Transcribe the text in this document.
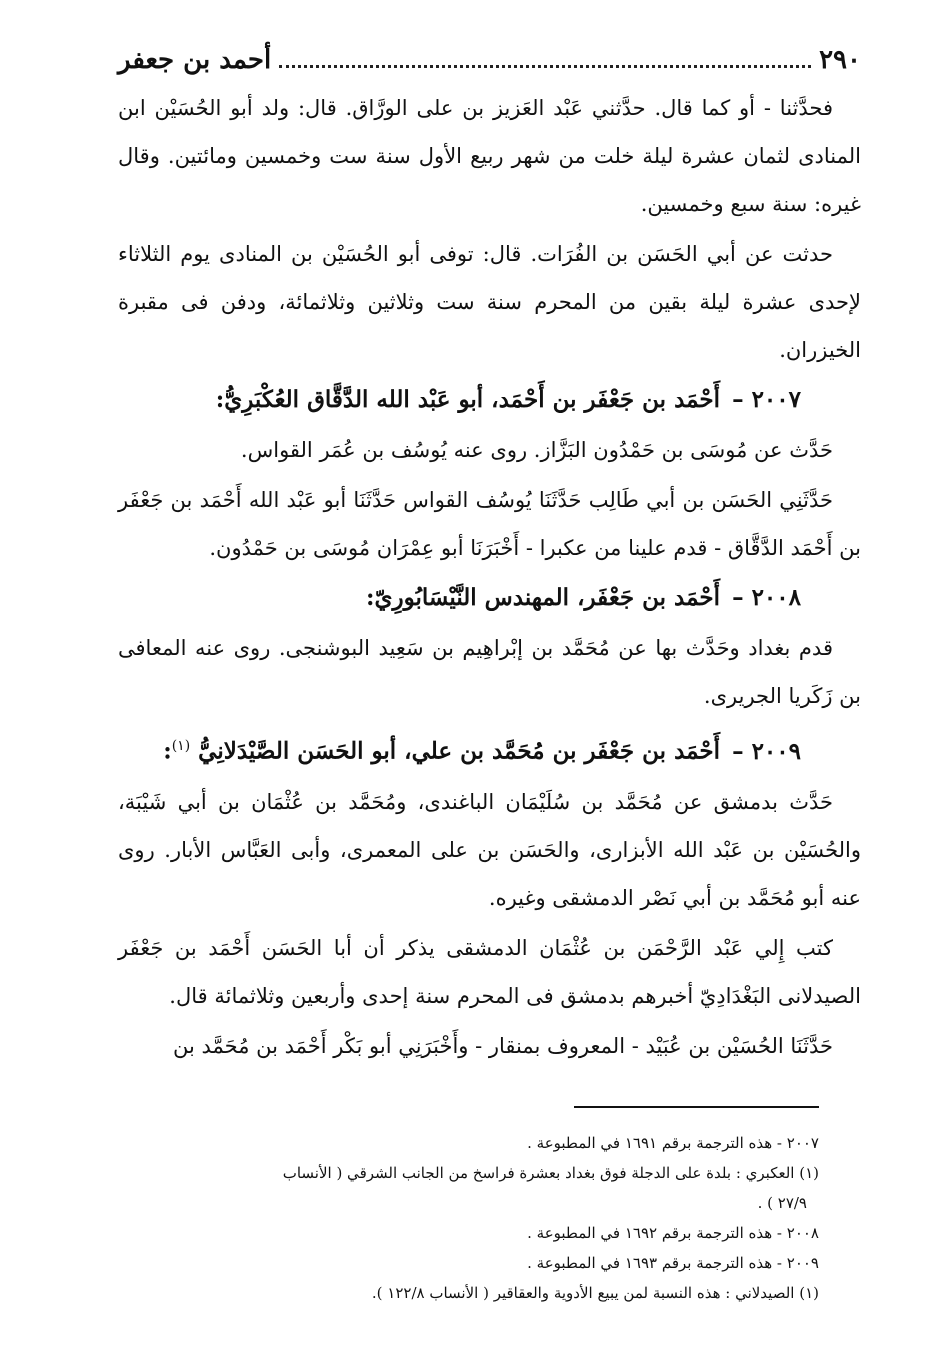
٢٩٠
أحمد بن جعفر

فحدَّثنا - أو كما قال. حدَّثني عَبْد العَزيز بن على الورَّاق. قال: ولد أبو الحُسَيْن ابن المنادى لثمان عشرة ليلة خلت من شهر ربيع الأول سنة ست وخمسين ومائتين. وقال غيره: سنة سبع وخمسين.

حدثت عن أبي الحَسَن بن الفُرَات. قال: توفى أبو الحُسَيْن بن المنادى يوم الثلاثاء لإحدى عشرة ليلة بقين من المحرم سنة ست وثلاثين وثلاثمائة، ودفن فى مقبرة الخيزران.

٢٠٠٧ – أَحْمَد بن جَعْفَر بن أَحْمَد، أبو عَبْد الله الدَّقَّاق العُكْبَرِيُّ:

حَدَّث عن مُوسَى بن حَمْدُون البَزَّاز. روى عنه يُوسُف بن عُمَر القواس.

حَدَّثَنِي الحَسَن بن أبي طَالِب حَدَّثَنَا يُوسُف القواس حَدَّثَنَا أبو عَبْد الله أَحْمَد بن جَعْفَر بن أَحْمَد الدَّقَّاق - قدم علينا من عكبرا - أَخْبَرَنَا أبو عِمْرَان مُوسَى بن حَمْدُون.

٢٠٠٨ – أَحْمَد بن جَعْفَر، المهندس النَّيْسَابُورِيّ:

قدم بغداد وحَدَّث بها عن مُحَمَّد بن إبْراهِيم بن سَعِيد البوشنجى. روى عنه المعافى بن زَكَريا الجريرى.

٢٠٠٩ – أَحْمَد بن جَعْفَر بن مُحَمَّد بن علي، أبو الحَسَن الصَّيْدَلانِيُّ $^{(١)}$:

حَدَّث بدمشق عن مُحَمَّد بن سُلَيْمَان الباغندى، ومُحَمَّد بن عُثْمَان بن أبي شَيْبَة، والحُسَيْن بن عَبْد الله الأبزارى، والحَسَن بن على المعمرى، وأبى العَبَّاس الأبار. روى عنه أبو مُحَمَّد بن أبي نَصْر الدمشقى وغيره.

كتب إِلي عَبْد الرَّحْمَن بن عُثْمَان الدمشقى يذكر أن أبا الحَسَن أَحْمَد بن جَعْفَر الصيدلانى البَغْدَادِيّ أخبرهم بدمشق فى المحرم سنة إحدى وأربعين وثلاثمائة قال.

حَدَّثَنَا الحُسَيْن بن عُبَيْد - المعروف بمنقار - وأَخْبَرَنِي أبو بَكْر أَحْمَد بن مُحَمَّد بن

٢٠٠٧ - هذه الترجمة برقم ١٦٩١ في المطبوعة .

(١) العكبري : بلدة على الدجلة فوق بغداد بعشرة فراسخ من الجانب الشرقي ( الأنساب

٢٧/٩ ) .

٢٠٠٨ - هذه الترجمة برقم ١٦٩٢ في المطبوعة .

٢٠٠٩ - هذه الترجمة برقم ١٦٩٣ في المطبوعة .

(١) الصيدلاني : هذه النسبة لمن يبيع الأدوية والعقاقير ( الأنساب ١٢٢/٨ ).
